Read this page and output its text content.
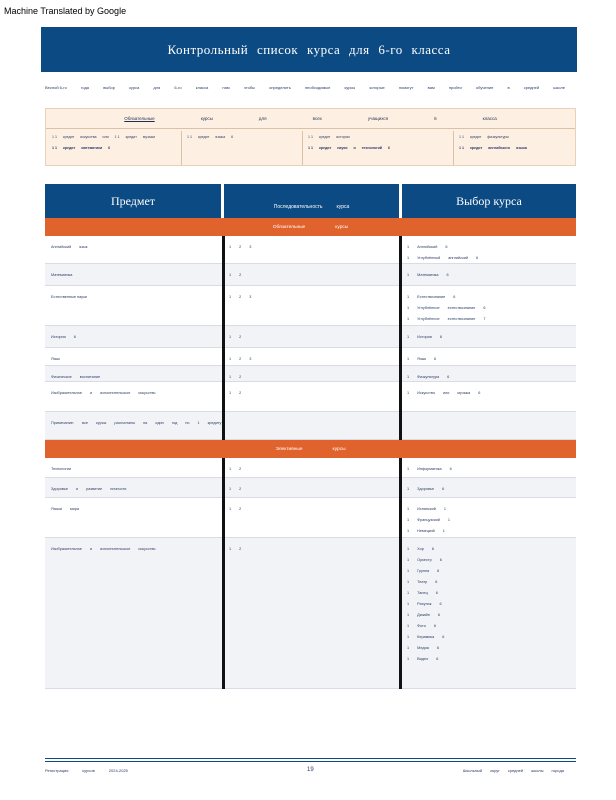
Machine Translated by Google
Контрольный список курса для 6-го класса
Весной 6-го	года	выбор	курса	для	6-го	класса	нам	чтобы	определить	необходимые	курсы	которые	помогут	вам	пройти	обучение	в	средней	школе
Обязательные	курсы	для	всех	учащихся	6	класса
1 1 кредит искусства или 1 1 кредит музыки
1 1 кредит математики 6
1 1 кредит языка 6	1 1 кредит истории
1 1 кредит науки и технологий 6
1 1 кредит физкультуры
1 1 кредит английского языка
Предмет	Последовательность	курса	Выбор курса
Обязательные	курсы
Английский язык	1 2 3	1 Английский 6
1 Углублённый английский 6
Математика	1 2	1 Математика 6
Естественные науки	1 2 3	1 Естествознание 6
1 Углублённое естествознание 6
1 Углублённое естествознание 7
История 6	1 2	1 История 6
Язык	1 2 3	1 Язык 6
Физическое воспитание	1 2	1 Физкультура 6
Изобразительное и исполнительское искусство	1 2	1 Искусство или музыка 6
Примечание: все курсы рассчитаны на один год по 1 кредиту
Элективные	курсы
Технологии	1 2	1 Информатика 6
Здоровье и развитие личности	1 2	1 Здоровье 6
Языки мира	1 2	1 Испанский 1
1 Французский 1
1 Немецкий 1
Изобразительное и исполнительское искусство	1 2	1 Хор 6
1 Оркестр 6
1 Группа 6
1 Театр 6
1 Танец 6
1 Рисунок 6
1 Дизайн 6
1 Фото 6
1 Керамика 6
1 Медиа 6
1 Видео 6
Регистрация	курсов	2024-2025	19	Школьный округ средней школы города
